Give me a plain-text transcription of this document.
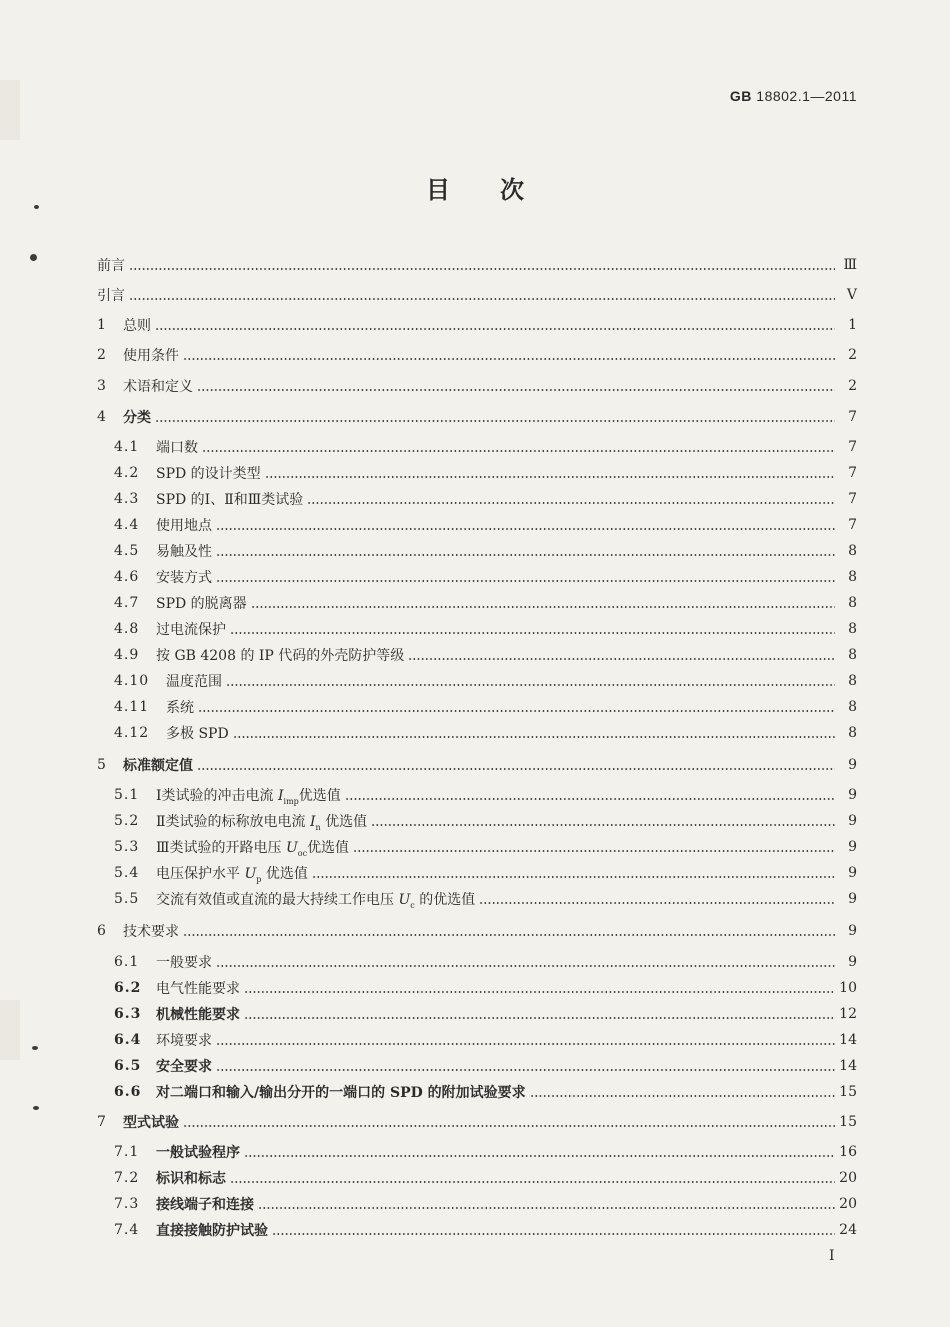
GB 18802.1—2011
目次
前言	Ⅲ
引言	Ⅴ
1	总则	1
2	使用条件	2
3	术语和定义	2
4	分类	7
4.1	端口数	7
4.2	SPD 的设计类型	7
4.3	SPD 的Ⅰ、Ⅱ和Ⅲ类试验	7
4.4	使用地点	7
4.5	易触及性	8
4.6	安装方式	8
4.7	SPD 的脱离器	8
4.8	过电流保护	8
4.9	按 GB 4208 的 IP 代码的外壳防护等级	8
4.10	温度范围	8
4.11	系统	8
4.12	多极 SPD	8
5	标准额定值	9
5.1	Ⅰ类试验的冲击电流 $I_{imp}$优选值	9
5.2	Ⅱ类试验的标称放电电流 $I_n$ 优选值	9
5.3	Ⅲ类试验的开路电压 $U_{oc}$优选值	9
5.4	电压保护水平 $U_p$ 优选值	9
5.5	交流有效值或直流的最大持续工作电压 $U_c$ 的优选值	9
6	技术要求	9
6.1	一般要求	9
6.2	电气性能要求	10
6.3	机械性能要求	12
6.4	环境要求	14
6.5	安全要求	14
6.6	对二端口和输入/输出分开的一端口的 SPD 的附加试验要求	15
7	型式试验	15
7.1	一般试验程序	16
7.2	标识和标志	20
7.3	接线端子和连接	20
7.4	直接接触防护试验	24
I
